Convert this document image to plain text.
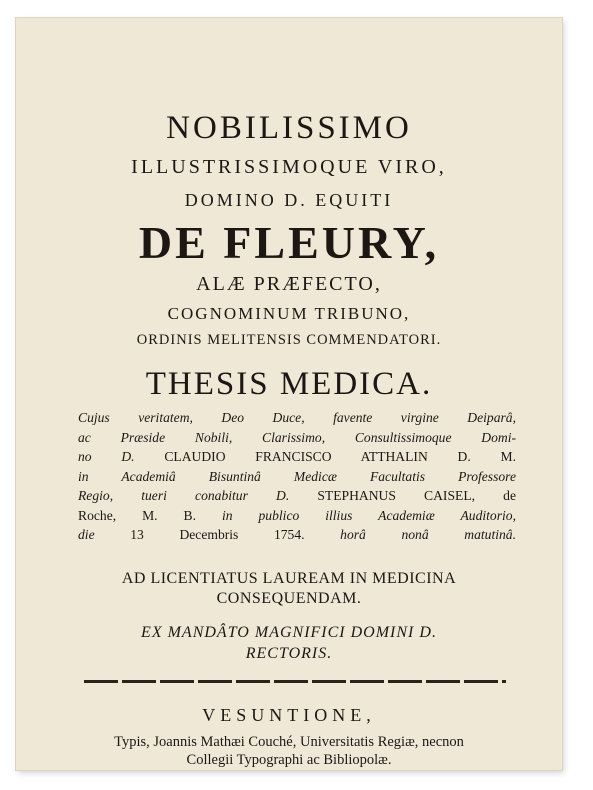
NOBILISSIMO
ILLUSTRISSIMOQUE VIRO,
DOMINO D. EQUITI
DE FLEURY,
ALÆ PRÆFECTO,
COGNOMINUM TRIBUNO,
ORDINIS MELITENSIS COMMENDATORI.
THESIS MEDICA.
Cujus veritatem, Deo Duce, favente virgine Deiparâ,
ac Præside Nobili, Clarissimo, Consultissimoque Domi-
no D. CLAUDIO FRANCISCO ATTHALIN D. M.
in Academiâ Bisuntinâ Medicæ Facultatis Professore
Regio, tueri conabitur D. STEPHANUS CAISEL, de
Roche, M. B. in publico illius Academiæ Auditorio,
die 13 Decembris 1754. horâ nonâ matutinâ.
AD LICENTIATUS LAUREAM IN MEDICINA
CONSEQUENDAM.
EX MANDÂTO MAGNIFICI DOMINI D.
RECTORIS.
VESUNTIONE,
Typis, Joannis Mathæi Couché, Universitatis Regiæ, necnon
Collegii Typographi ac Bibliopolæ.
